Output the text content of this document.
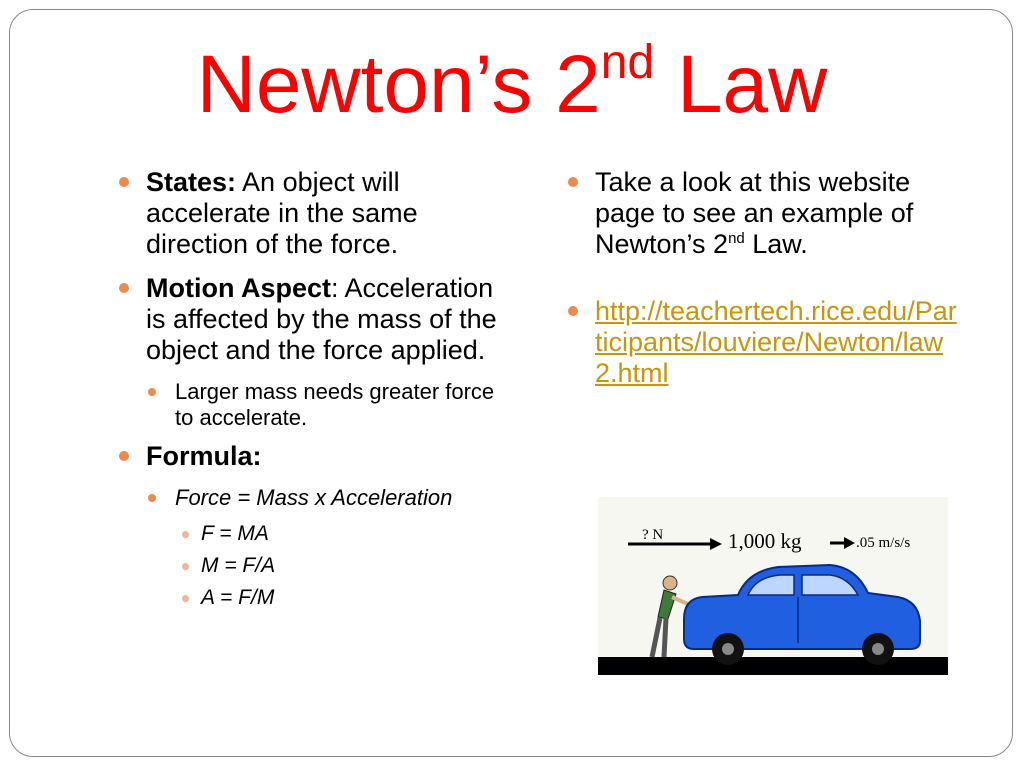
Newton’s 2nd Law
States: An object will accelerate in the same direction of the force.
Motion Aspect: Acceleration is affected by the mass of the object and the force applied.
Larger mass needs greater force to accelerate.
Formula:
Force = Mass x Acceleration
F = MA
M = F/A
A = F/M
Take a look at this website page to see an example of Newton’s 2nd Law.
http://teachertech.rice.edu/Participants/louviere/Newton/law2.html
? N	1,000 kg	.05 m/s/s
